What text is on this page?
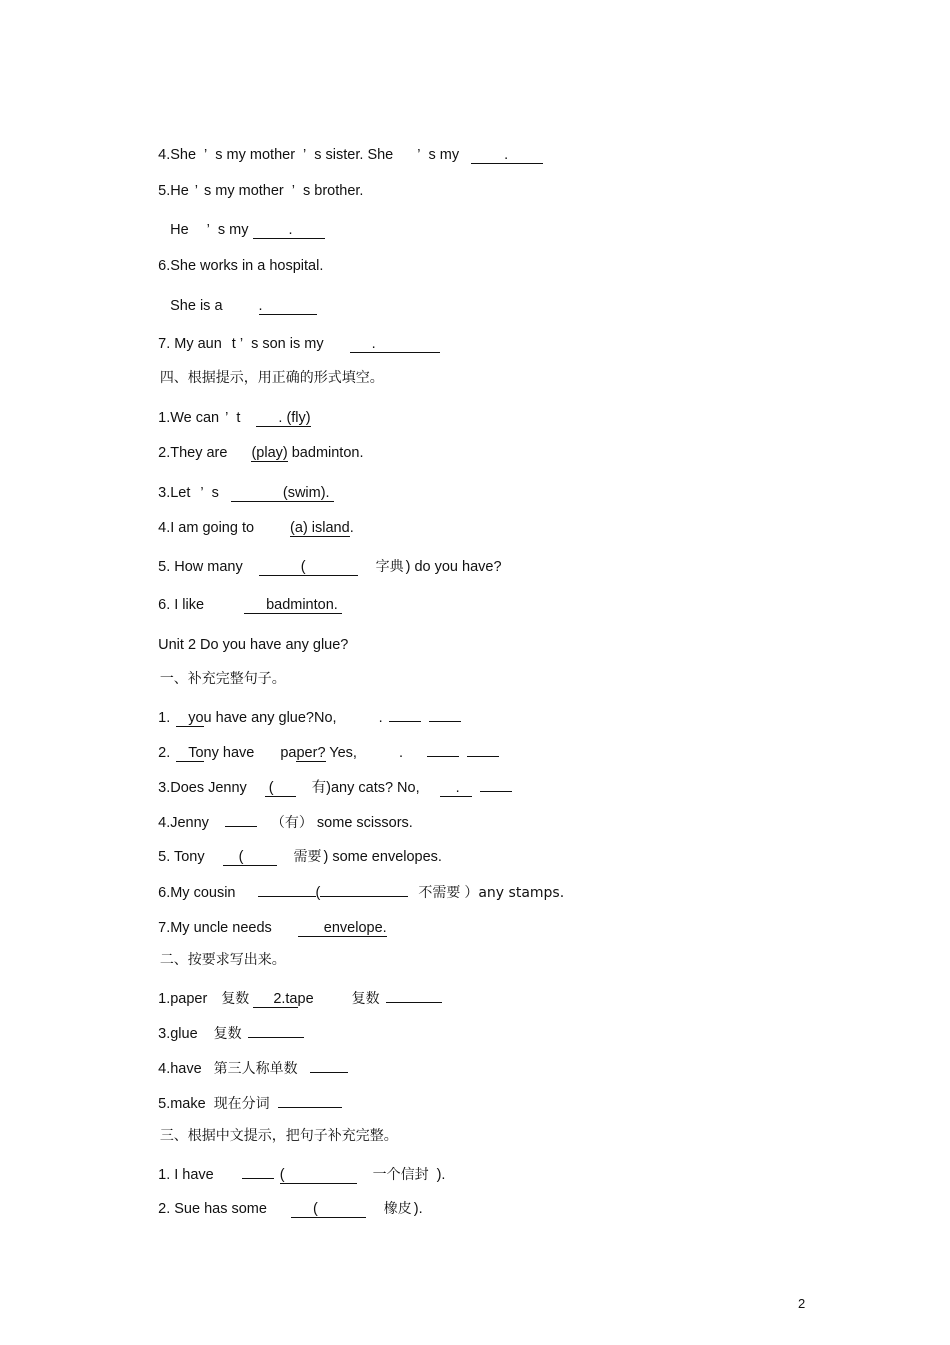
4.She ’ s my mother ’ s sister. She ’ s my	.

5.He ’ s my mother ’ s brother.

He ’ s my	.

6.She works in a hospital.

She is a .

7. My aun t ’ s son is my	.

四、根据提示，用正确的形式填空。

1.We can ’ t	. (fly)

2.They are (play) badminton.

3.Let ’ s	(swim).

4.I am going to (a) island.

5. How many	(	字典 ) do you have?

6. I like	badminton.

Unit 2 Do you have any glue?

一、补充完整句子。

1. you have any glue?No,	.

2. Tony have paper? Yes,	.

3.Does Jenny (	有)any cats? No, .

4.Jenny	（有） some scissors.

5. Tony (	需要 ) some envelopes.

6.My cousin	(	不需要 ）any stamps.

7.My uncle needs	envelope.

二、按要求写出来。

1.paper 复数 2.tape	复数

3.glue 复数

4.have 第三人称单数

5.make 现在分词

三、根据中文提示，把句子补充完整。

1. I have	(	一个信封 ).

2. Sue has some	(	橡皮 ).

2
